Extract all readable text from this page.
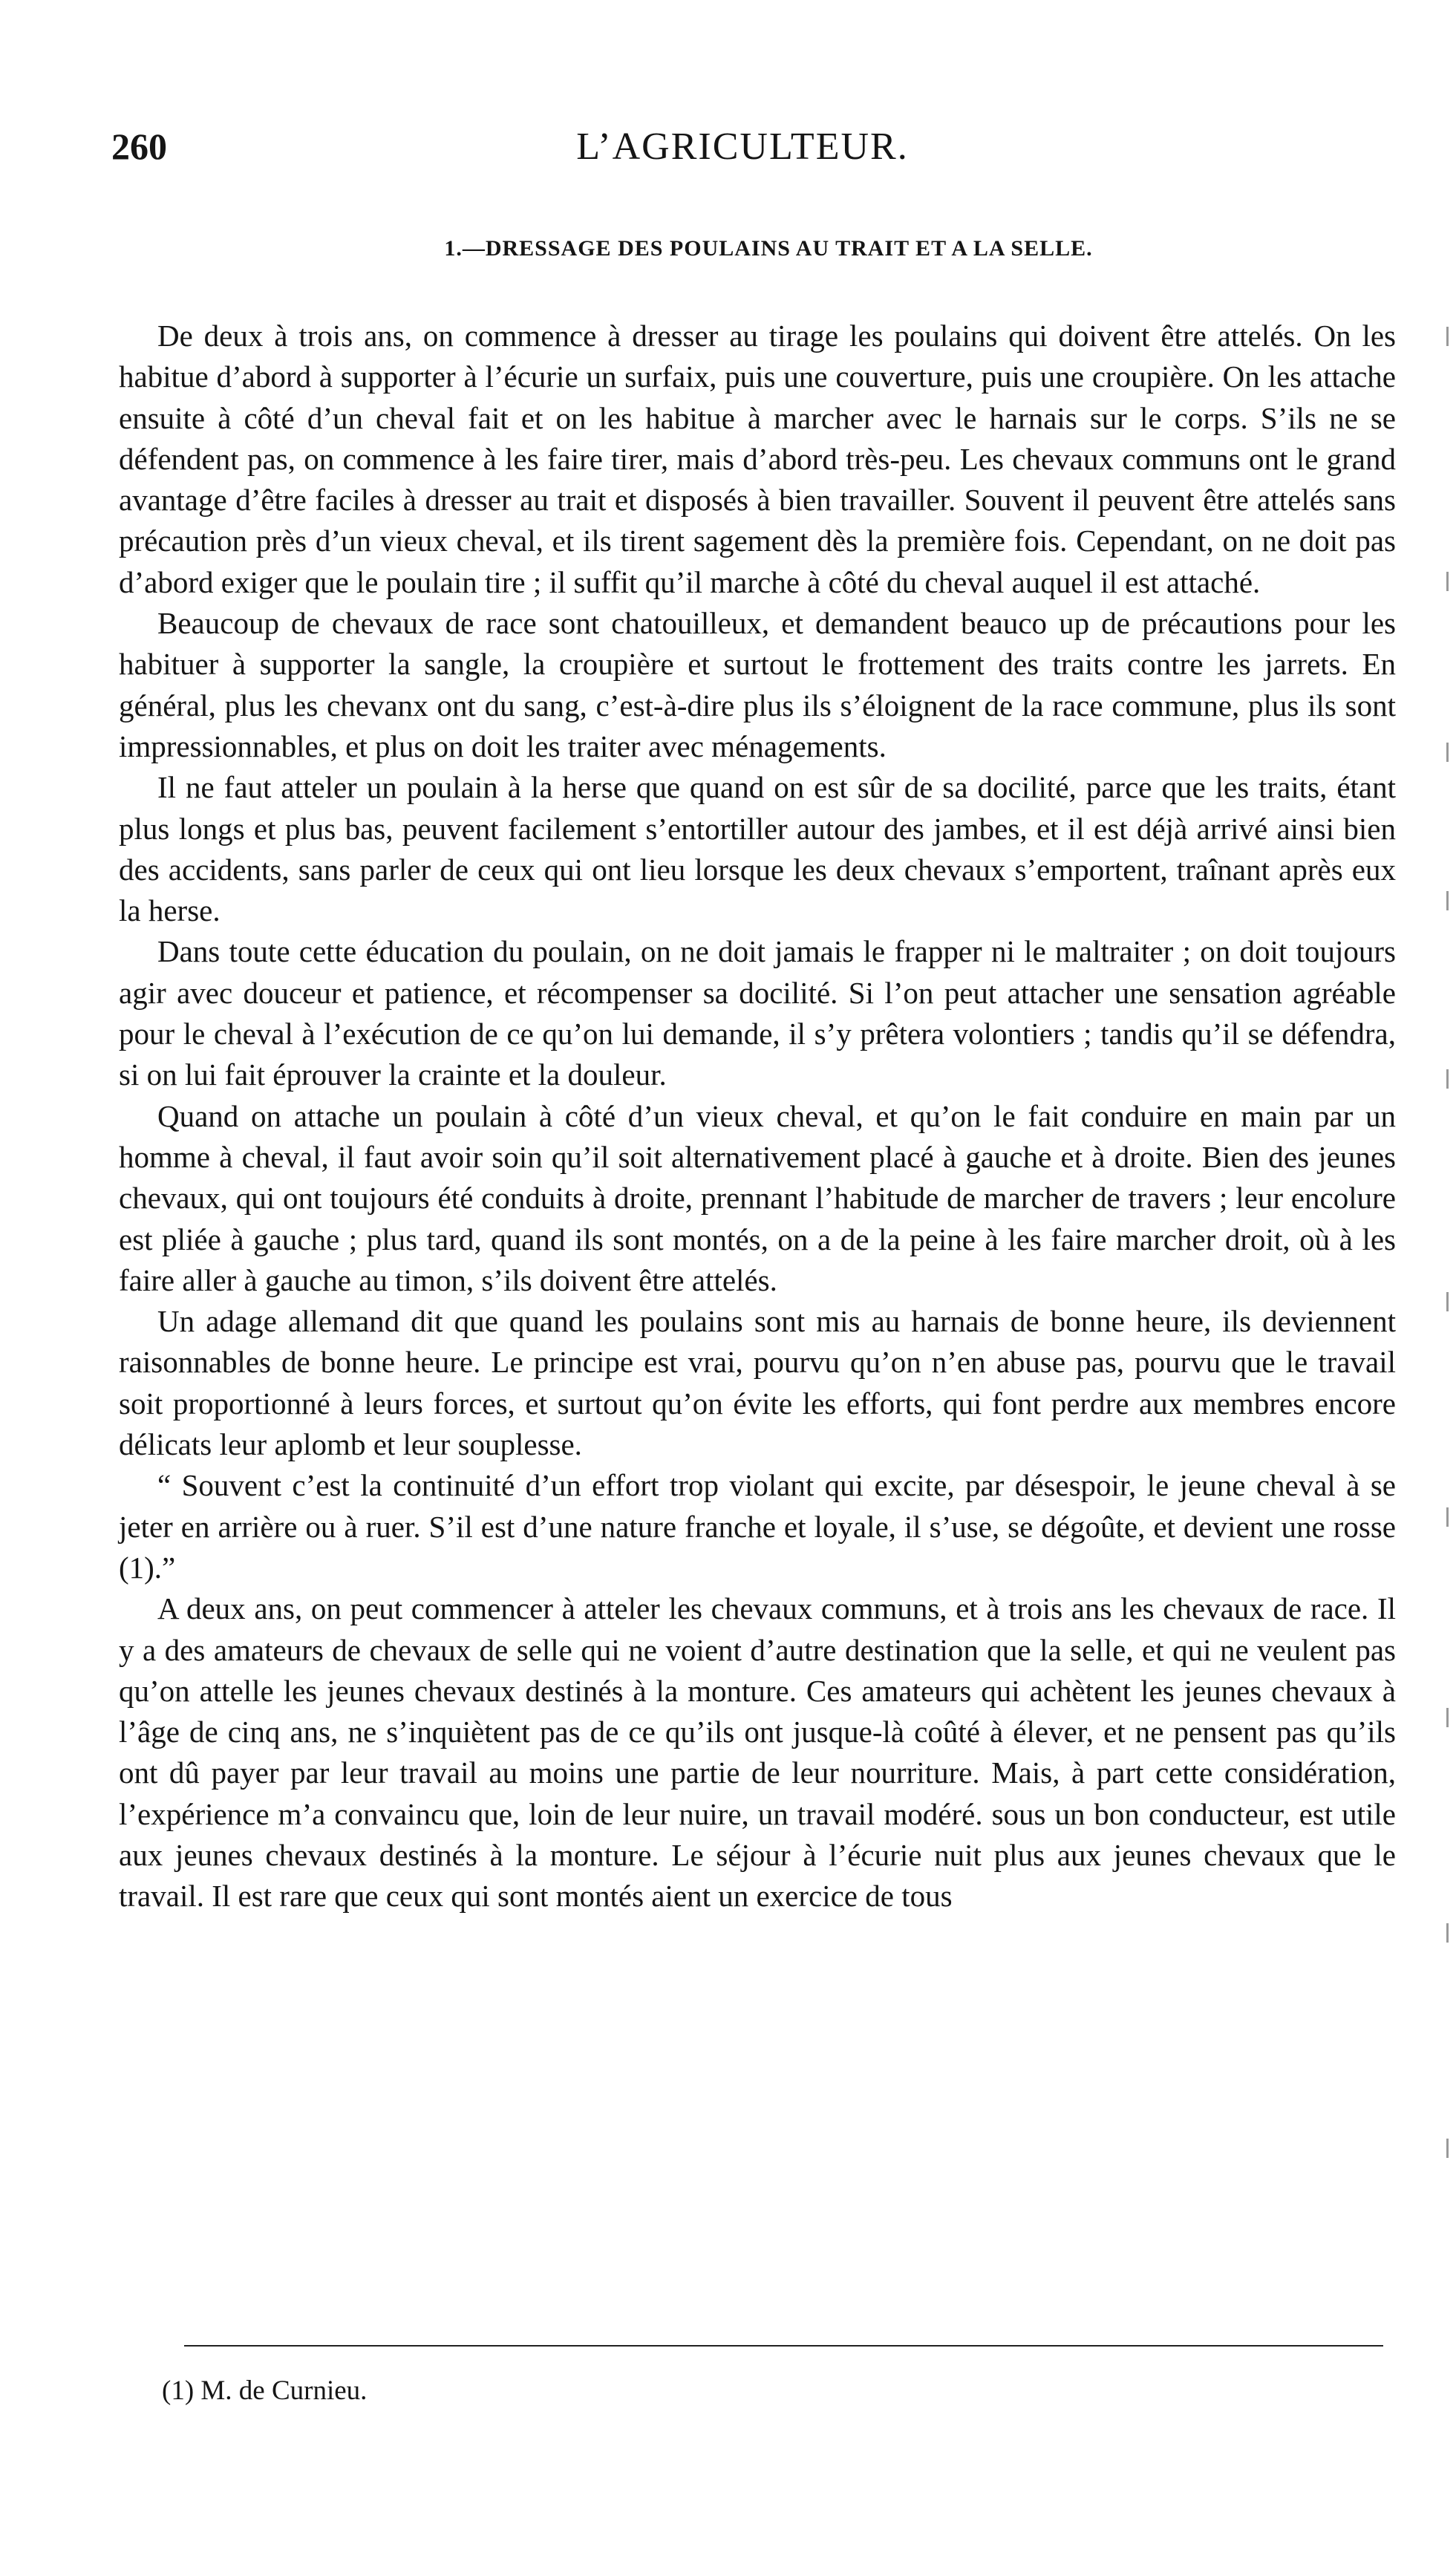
260	L’AGRICULTEUR.
1.—DRESSAGE DES POULAINS AU TRAIT ET A LA SELLE.

De deux à trois ans, on commence à dresser au tirage les poulains qui doivent être attelés. On les habitue d’abord à supporter à l’écurie un surfaix, puis une couverture, puis une croupière. On les attache ensuite à côté d’un cheval fait et on les habitue à marcher avec le harnais sur le corps. S’ils ne se défendent pas, on commence à les faire tirer, mais d’abord très-peu. Les chevaux communs ont le grand avantage d’être faciles à dresser au trait et disposés à bien travailler. Souvent il peuvent être attelés sans précaution près d’un vieux cheval, et ils tirent sagement dès la première fois. Cependant, on ne doit pas d’abord exiger que le poulain tire ; il suffit qu’il marche à côté du cheval auquel il est attaché.

Beaucoup de chevaux de race sont chatouilleux, et demandent beauco up de précautions pour les habituer à supporter la sangle, la croupière et surtout le frottement des traits contre les jarrets. En général, plus les chevanx ont du sang, c’est-à-dire plus ils s’éloignent de la race commune, plus ils sont impressionnables, et plus on doit les traiter avec ménagements.

Il ne faut atteler un poulain à la herse que quand on est sûr de sa docilité, parce que les traits, étant plus longs et plus bas, peuvent facilement s’entortiller autour des jambes, et il est déjà arrivé ainsi bien des accidents, sans parler de ceux qui ont lieu lorsque les deux chevaux s’emportent, traînant après eux la herse.

Dans toute cette éducation du poulain, on ne doit jamais le frapper ni le maltraiter ; on doit toujours agir avec douceur et patience, et récompenser sa docilité. Si l’on peut attacher une sensation agréable pour le cheval à l’exécution de ce qu’on lui demande, il s’y prêtera volontiers ; tandis qu’il se défendra, si on lui fait éprouver la crainte et la douleur.

Quand on attache un poulain à côté d’un vieux cheval, et qu’on le fait conduire en main par un homme à cheval, il faut avoir soin qu’il soit alternativement placé à gauche et à droite. Bien des jeunes chevaux, qui ont toujours été conduits à droite, prennant l’habitude de marcher de travers ; leur encolure est pliée à gauche ; plus tard, quand ils sont montés, on a de la peine à les faire marcher droit, où à les faire aller à gauche au timon, s’ils doivent être attelés.

Un adage allemand dit que quand les poulains sont mis au harnais de bonne heure, ils deviennent raisonnables de bonne heure. Le principe est vrai, pourvu qu’on n’en abuse pas, pourvu que le travail soit proportionné à leurs forces, et surtout qu’on évite les efforts, qui font perdre aux membres encore délicats leur aplomb et leur souplesse.

“ Souvent c’est la continuité d’un effort trop violant qui excite, par désespoir, le jeune cheval à se jeter en arrière ou à ruer. S’il est d’une nature franche et loyale, il s’use, se dégoûte, et devient une rosse (1).”

A deux ans, on peut commencer à atteler les chevaux communs, et à trois ans les chevaux de race. Il y a des amateurs de chevaux de selle qui ne voient d’autre destination que la selle, et qui ne veulent pas qu’on attelle les jeunes chevaux destinés à la monture. Ces amateurs qui achètent les jeunes chevaux à l’âge de cinq ans, ne s’inquiètent pas de ce qu’ils ont jusque-là coûté à élever, et ne pensent pas qu’ils ont dû payer par leur travail au moins une partie de leur nourriture. Mais, à part cette considération, l’expérience m’a convaincu que, loin de leur nuire, un travail modéré. sous un bon conducteur, est utile aux jeunes chevaux destinés à la monture. Le séjour à l’écurie nuit plus aux jeunes chevaux que le travail. Il est rare que ceux qui sont montés aient un exercice de tous

(1) M. de Curnieu.
